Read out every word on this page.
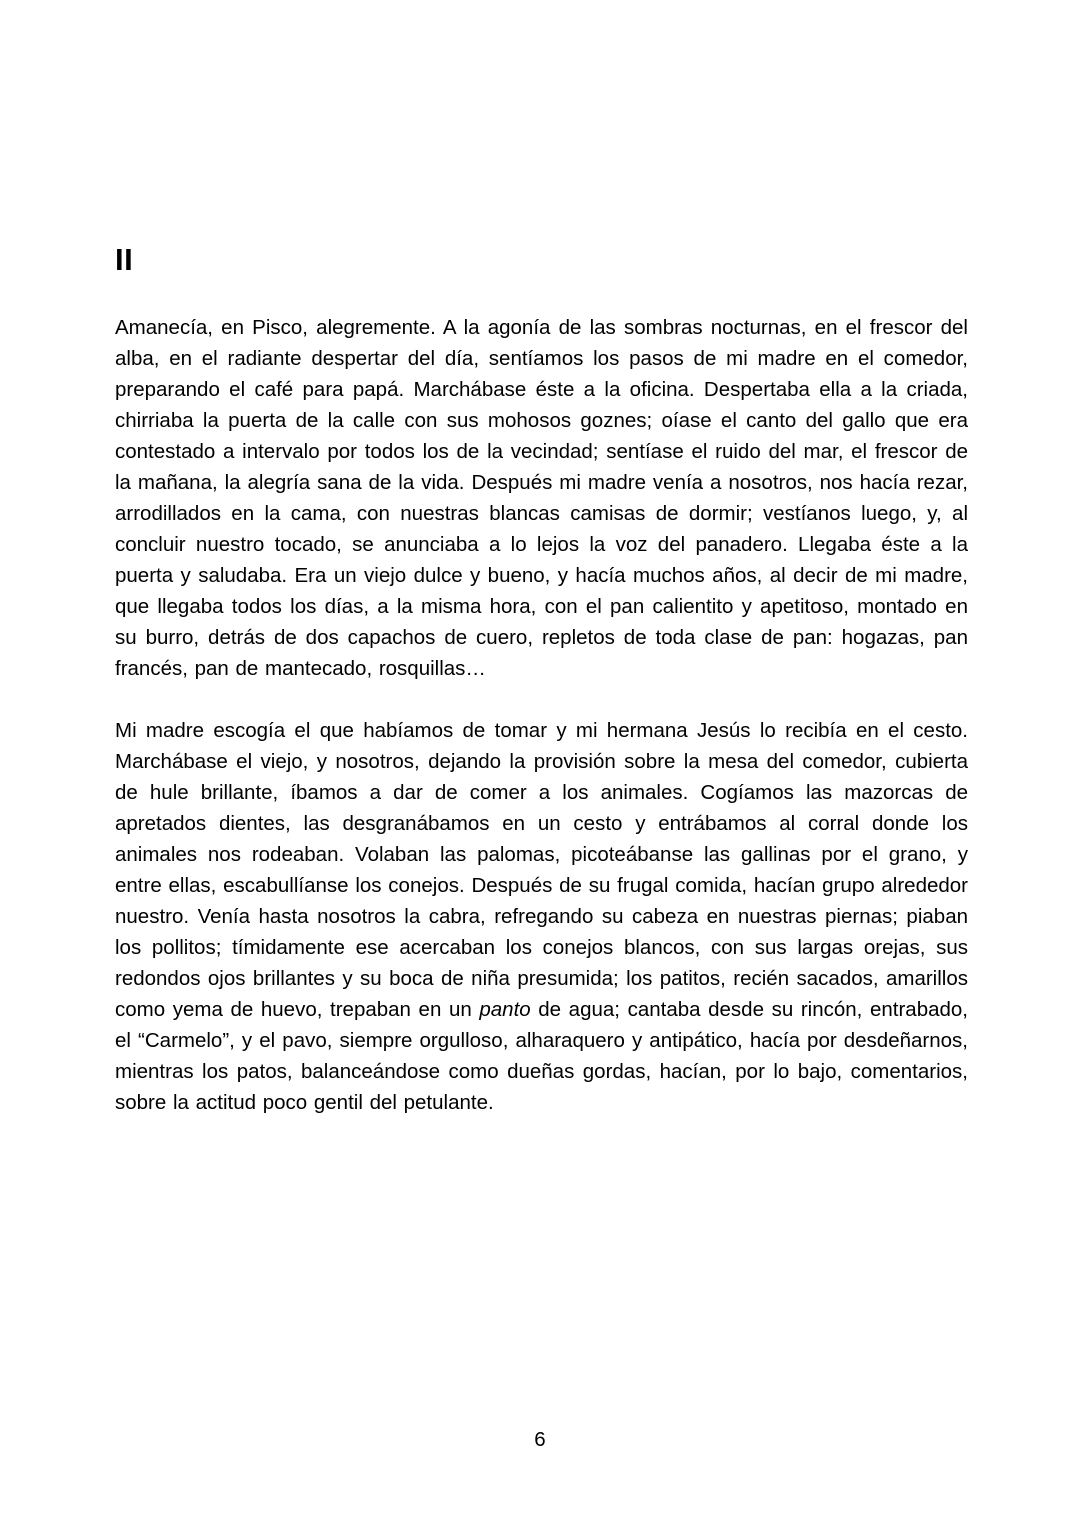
II

Amanecía, en Pisco, alegremente. A la agonía de las sombras nocturnas, en el frescor del alba, en el radiante despertar del día, sentíamos los pasos de mi madre en el comedor, preparando el café para papá. Marchábase éste a la oficina. Despertaba ella a la criada, chirriaba la puerta de la calle con sus mohosos goznes; oíase el canto del gallo que era contestado a intervalo por todos los de la vecindad; sentíase el ruido del mar, el frescor de la mañana, la alegría sana de la vida. Después mi madre venía a nosotros, nos hacía rezar, arrodillados en la cama, con nuestras blancas camisas de dormir; vestíanos luego, y, al concluir nuestro tocado, se anunciaba a lo lejos la voz del panadero. Llegaba éste a la puerta y saludaba. Era un viejo dulce y bueno, y hacía muchos años, al decir de mi madre, que llegaba todos los días, a la misma hora, con el pan calientito y apetitoso, montado en su burro, detrás de dos capachos de cuero, repletos de toda clase de pan: hogazas, pan francés, pan de mantecado, rosquillas…

Mi madre escogía el que habíamos de tomar y mi hermana Jesús lo recibía en el cesto. Marchábase el viejo, y nosotros, dejando la provisión sobre la mesa del comedor, cubierta de hule brillante, íbamos a dar de comer a los animales. Cogíamos las mazorcas de apretados dientes, las desgranábamos en un cesto y entrábamos al corral donde los animales nos rodeaban. Volaban las palomas, picoteábanse las gallinas por el grano, y entre ellas, escabullíanse los conejos. Después de su frugal comida, hacían grupo alrededor nuestro. Venía hasta nosotros la cabra, refregando su cabeza en nuestras piernas; piaban los pollitos; tímidamente ese acercaban los conejos blancos, con sus largas orejas, sus redondos ojos brillantes y su boca de niña presumida; los patitos, recién sacados, amarillos como yema de huevo, trepaban en un panto de agua; cantaba desde su rincón, entrabado, el “Carmelo”, y el pavo, siempre orgulloso, alharaquero y antipático, hacía por desdeñarnos, mientras los patos, balanceándose como dueñas gordas, hacían, por lo bajo, comentarios, sobre la actitud poco gentil del petulante.

6
